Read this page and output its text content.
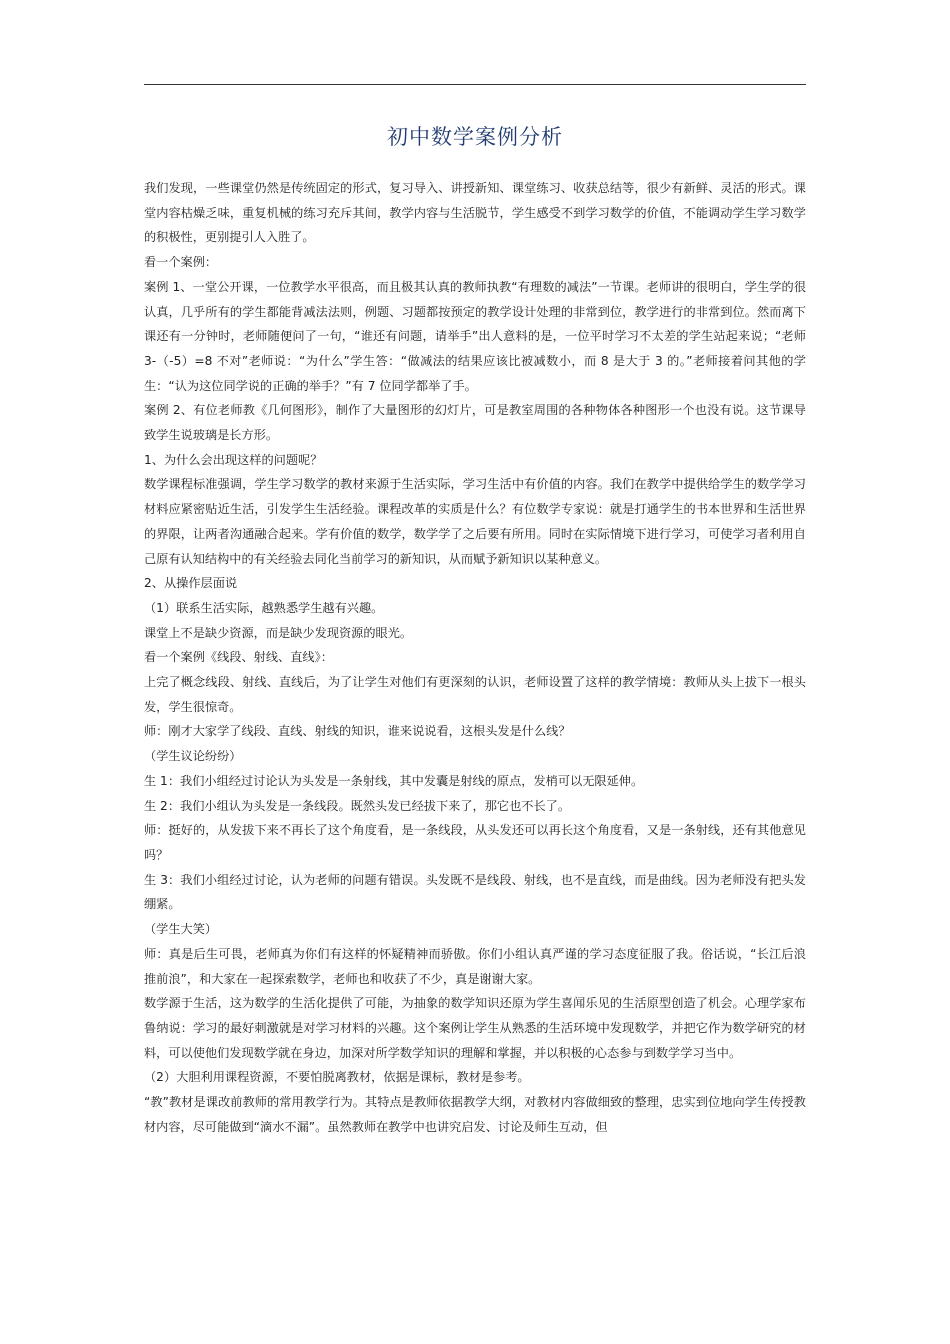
初中数学案例分析

我们发现，一些课堂仍然是传统固定的形式，复习导入、讲授新知、课堂练习、收获总结等，很少有新鲜、灵活的形式。课堂内容枯燥乏味，重复机械的练习充斥其间，教学内容与生活脱节，学生感受不到学习数学的价值，不能调动学生学习数学的积极性，更别提引人入胜了。

看一个案例：

案例 1、一堂公开课，一位教学水平很高，而且极其认真的教师执教“有理数的减法”一节课。老师讲的很明白，学生学的很认真，几乎所有的学生都能背减法法则，例题、习题都按预定的教学设计处理的非常到位，教学进行的非常到位。然而离下课还有一分钟时，老师随便问了一句，“谁还有问题，请举手”出人意料的是，一位平时学习不太差的学生站起来说；“老师 3-（-5）=8 不对”老师说：“为什么”学生答：“做减法的结果应该比被减数小，而 8 是大于 3 的。”老师接着问其他的学生：“认为这位同学说的正确的举手？”有 7 位同学都举了手。

案例 2、有位老师教《几何图形》，制作了大量图形的幻灯片，可是教室周围的各种物体各种图形一个也没有说。这节课导致学生说玻璃是长方形。

1、为什么会出现这样的问题呢？

数学课程标准强调，学生学习数学的教材来源于生活实际，学习生活中有价值的内容。我们在教学中提供给学生的数学学习材料应紧密贴近生活，引发学生生活经验。课程改革的实质是什么？有位数学专家说：就是打通学生的书本世界和生活世界的界限，让两者沟通融合起来。学有价值的数学，数学学了之后要有所用。同时在实际情境下进行学习，可使学习者利用自己原有认知结构中的有关经验去同化当前学习的新知识，从而赋予新知识以某种意义。

2、从操作层面说

（1）联系生活实际，越熟悉学生越有兴趣。

课堂上不是缺少资源，而是缺少发现资源的眼光。

看一个案例《线段、射线、直线》：

上完了概念线段、射线、直线后，为了让学生对他们有更深刻的认识，老师设置了这样的教学情境：教师从头上拔下一根头发，学生很惊奇。

师：刚才大家学了线段、直线、射线的知识，谁来说说看，这根头发是什么线？

（学生议论纷纷）

生 1：我们小组经过讨论认为头发是一条射线，其中发囊是射线的原点，发梢可以无限延伸。

生 2：我们小组认为头发是一条线段。既然头发已经拔下来了，那它也不长了。

师：挺好的，从发拔下来不再长了这个角度看，是一条线段，从头发还可以再长这个角度看，又是一条射线，还有其他意见吗？

生 3：我们小组经过讨论，认为老师的问题有错误。头发既不是线段、射线，也不是直线，而是曲线。因为老师没有把头发绷紧。

（学生大笑）

师：真是后生可畏，老师真为你们有这样的怀疑精神而骄傲。你们小组认真严谨的学习态度征服了我。俗话说，“长江后浪推前浪”，和大家在一起探索数学，老师也和收获了不少，真是谢谢大家。

数学源于生活，这为数学的生活化提供了可能，为抽象的数学知识还原为学生喜闻乐见的生活原型创造了机会。心理学家布鲁纳说：学习的最好刺激就是对学习材料的兴趣。这个案例让学生从熟悉的生活环境中发现数学，并把它作为数学研究的材料，可以使他们发现数学就在身边，加深对所学数学知识的理解和掌握，并以积极的心态参与到数学学习当中。

（2）大胆利用课程资源，不要怕脱离教材，依据是课标，教材是参考。

“教”教材是课改前教师的常用教学行为。其特点是教师依据教学大纲，对教材内容做细致的整理，忠实到位地向学生传授教材内容，尽可能做到“滴水不漏”。虽然教师在教学中也讲究启发、讨论及师生互动，但
